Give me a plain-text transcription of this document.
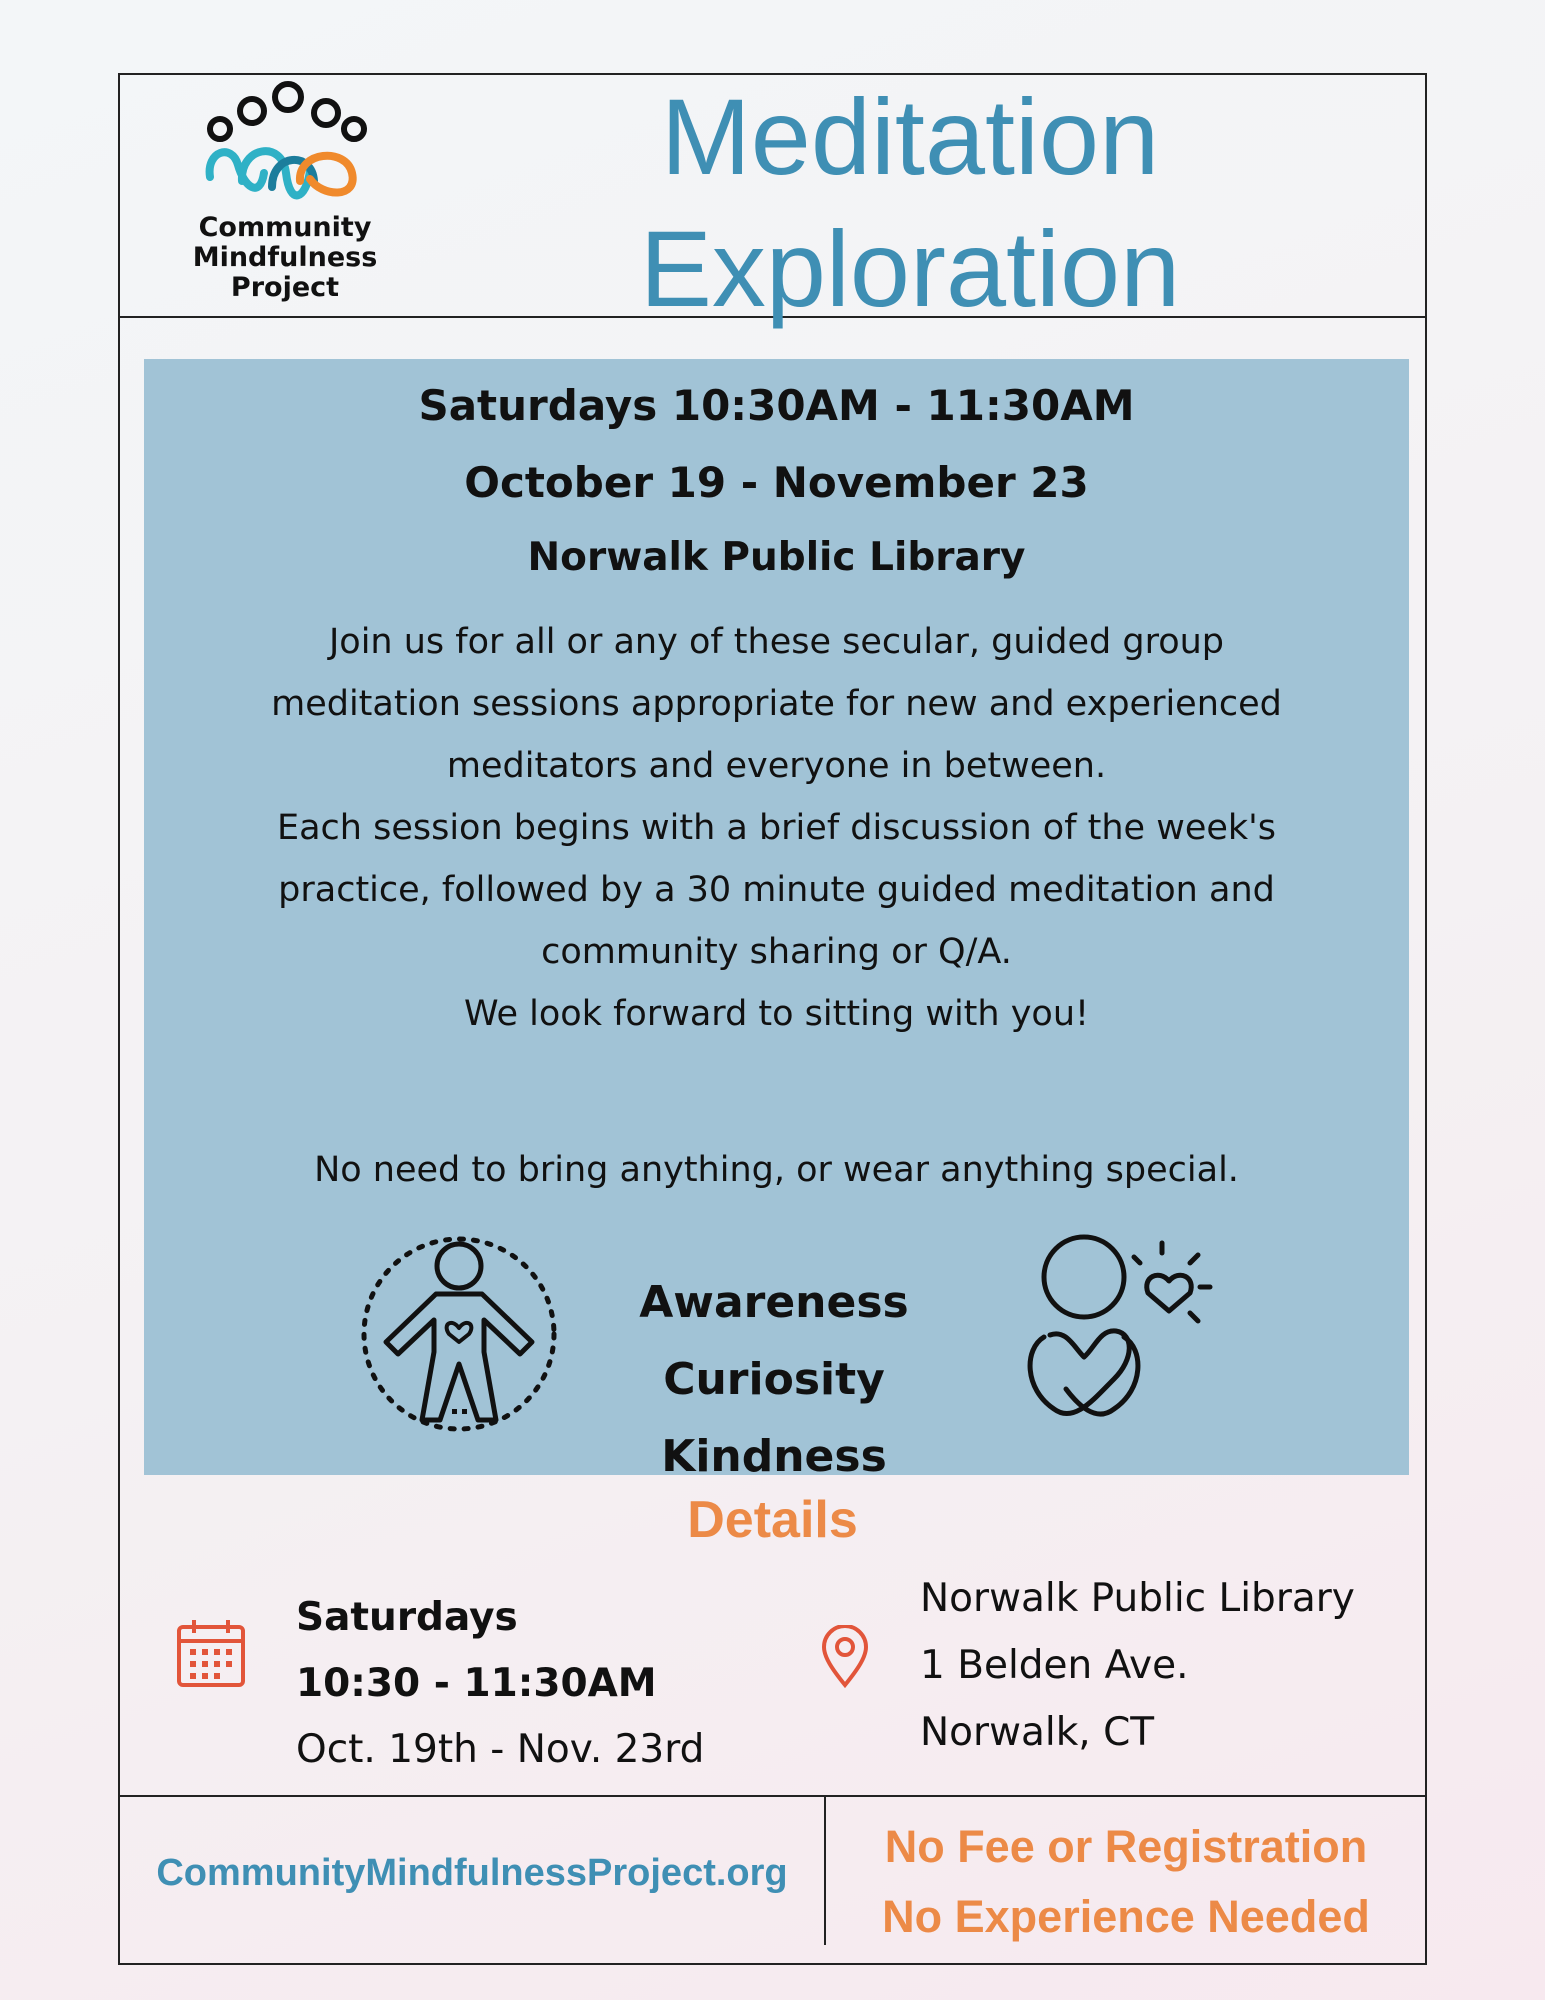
Community
Mindfulness
Project
Meditation
Exploration
Saturdays 10:30AM - 11:30AM
October 19 - November 23
Norwalk Public Library
Join us for all or any of these secular, guided group
meditation sessions appropriate for new and experienced
meditators and everyone in between.
Each session begins with a brief discussion of the week's
practice, followed by a 30 minute guided meditation and
community sharing or Q/A.
We look forward to sitting with you!
No need to bring anything, or wear anything special.
Awareness
Curiosity
Kindness
Details
Saturdays
10:30 - 11:30AM
Oct. 19th - Nov. 23rd
Norwalk Public Library
1 Belden Ave.
Norwalk, CT
CommunityMindfulnessProject.org
No Fee or Registration
No Experience Needed
